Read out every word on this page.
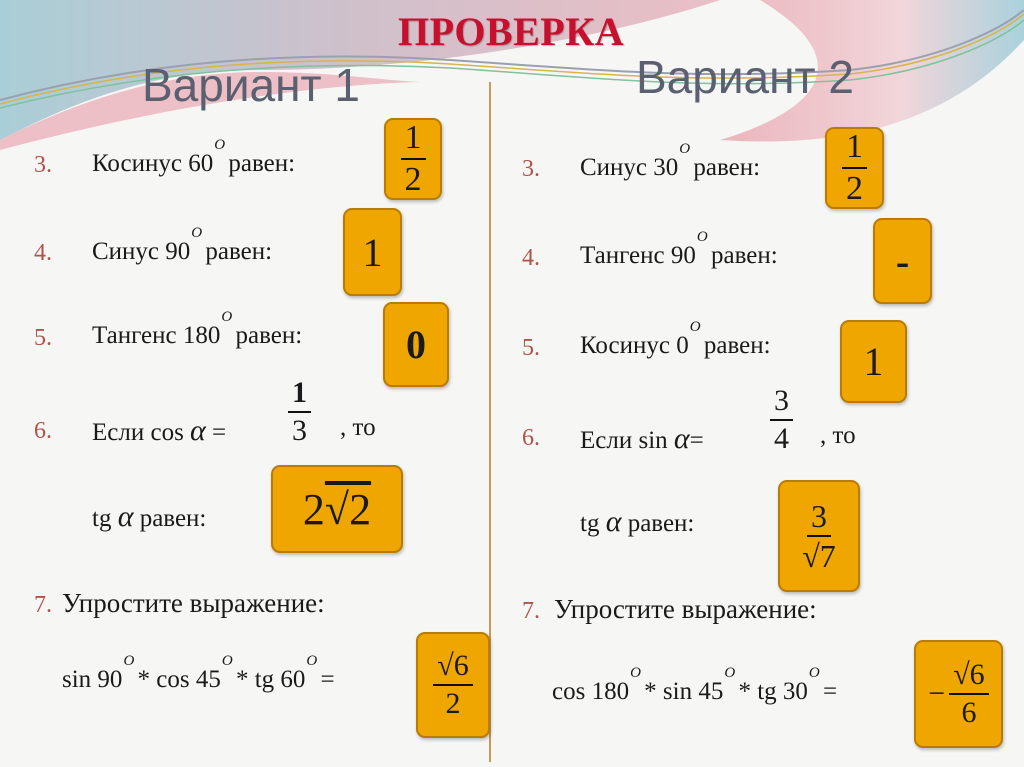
ПРОВЕРКА
Вариант 1	Вариант 2
3. Косинус $60^O$ равен:	$\frac{1}{2}$
4. Синус $90^O$ равен:	1
5. Тангенс $180^O$ равен:	0
6. Если $\cos \alpha = \frac{1}{3}$ , то
tg α равен: 2 √2
7. Упростите выражение:
$\sin 90^O$ * $\cos 45^O$ * tg $60^O$ =	$\frac{√6}{2}$
3. Синус $30^O$ равен: $\frac{1}{2}$
4. Тангенс $90^O$ равен:	-
5. Косинус $0^O$ равен:	1
6. Если $\sin \alpha= \frac{3}{4}$ , то
tg α равен:	$\frac{3}{√7}$
7. Упростите выражение:
$\cos 180^O$ * $\sin 45^O$ * tg $30^O$ =	− $\frac{√6}{6}$
